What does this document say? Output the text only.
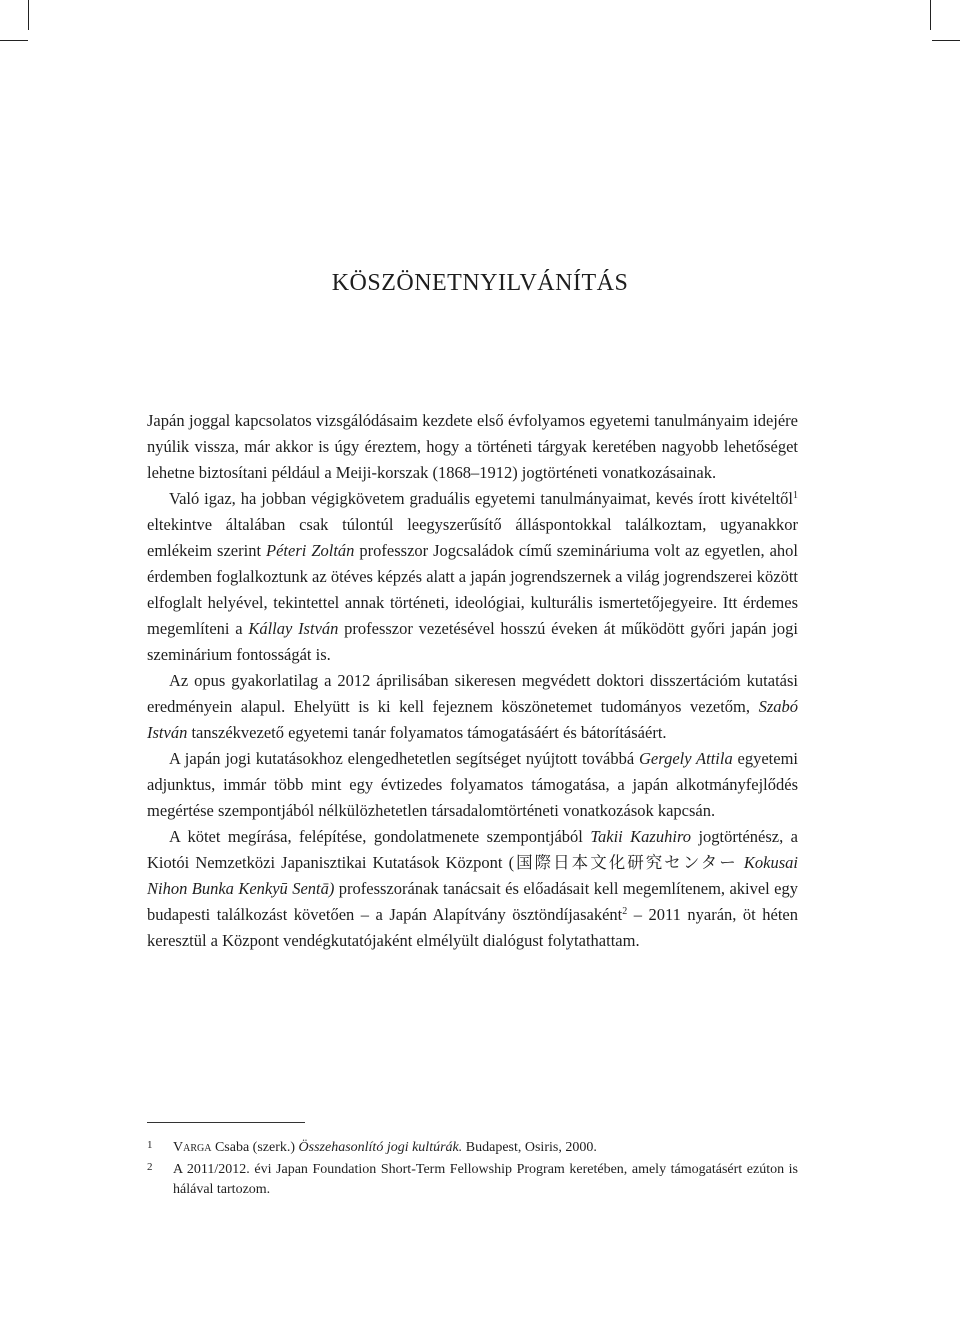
KÖSZÖNETNYILVÁNÍTÁS

Japán joggal kapcsolatos vizsgálódásaim kezdete első évfolyamos egyetemi tanulmányaim idejére nyúlik vissza, már akkor is úgy éreztem, hogy a történeti tárgyak keretében nagyobb lehetőséget lehetne biztosítani például a Meiji-korszak (1868–1912) jogtörténeti vonatkozásainak.

Való igaz, ha jobban végigkövetem graduális egyetemi tanulmányaimat, kevés írott kivételtől$^1$ eltekintve általában csak túlontúl leegyszerűsítő álláspontokkal találkoztam, ugyanakkor emlékeim szerint Péteri Zoltán professzor Jogcsaládok című szemináriuma volt az egyetlen, ahol érdemben foglalkoztunk az ötéves képzés alatt a japán jogrendszernek a világ jogrendszerei között elfoglalt helyével, tekintettel annak történeti, ideológiai, kulturális ismertetőjegyeire. Itt érdemes megemlíteni a Kállay István professzor vezetésével hosszú éveken át működött győri japán jogi szeminárium fontosságát is.

Az opus gyakorlatilag a 2012 áprilisában sikeresen megvédett doktori disszertációm kutatási eredményein alapul. Ehelyütt is ki kell fejeznem köszönetemet tudományos vezetőm, Szabó István tanszékvezető egyetemi tanár folyamatos támogatásáért és bátorításáért.

A japán jogi kutatásokhoz elengedhetetlen segítséget nyújtott továbbá Gergely Attila egyetemi adjunktus, immár több mint egy évtizedes folyamatos támogatása, a japán alkotmányfejlődés megértése szempontjából nélkülözhetetlen társadalomtörténeti vonatkozások kapcsán.

A kötet megírása, felépítése, gondolatmenete szempontjából Takii Kazuhiro jogtörténész, a Kiotói Nemzetközi Japanisztikai Kutatások Központ (国際日本文化研究センター Kokusai Nihon Bunka Kenkyū Sentā) professzorának tanácsait és előadásait kell megemlítenem, akivel egy budapesti találkozást követően – a Japán Alapítvány ösztöndíjasaként$^2$ – 2011 nyarán, öt héten keresztül a Központ vendégkutatójaként elmélyült dialógust folytathattam.

1 Varga Csaba (szerk.) Összehasonlító jogi kultúrák. Budapest, Osiris, 2000.
2 A 2011/2012. évi Japan Foundation Short-Term Fellowship Program keretében, amely támogatásért ezúton is hálával tartozom.
